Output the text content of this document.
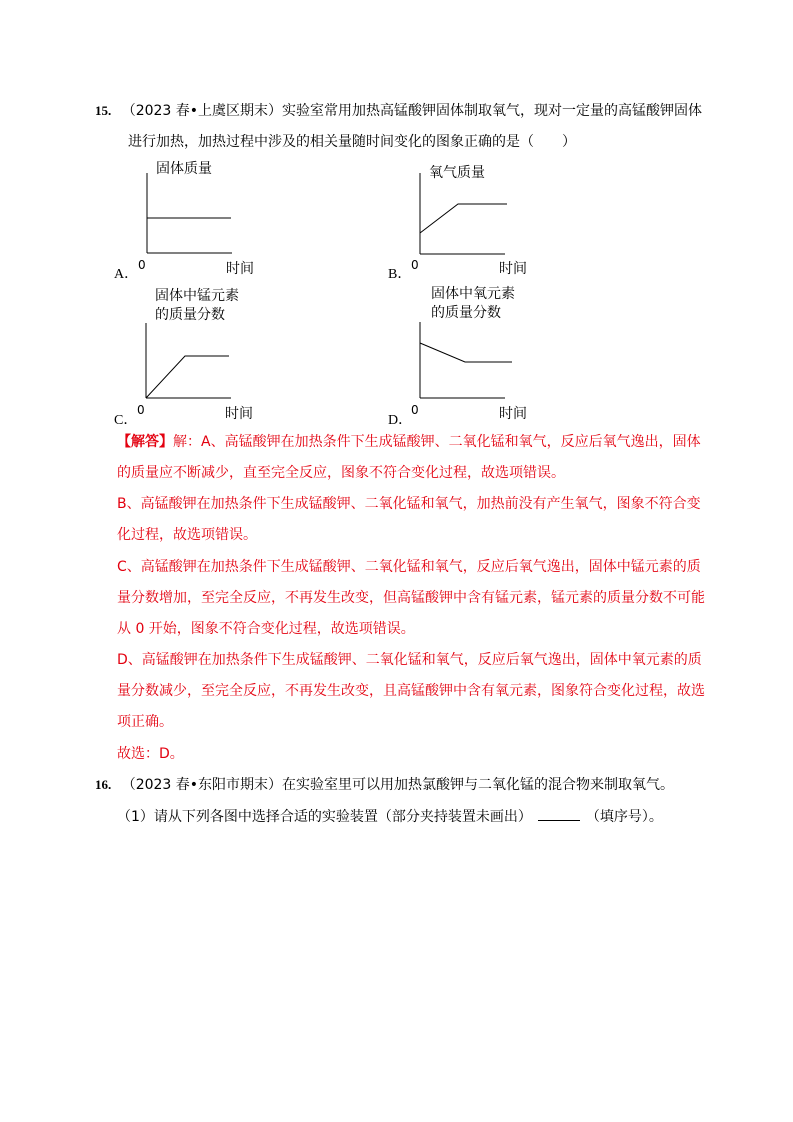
15. （2023 春•上虞区期末）实验室常用加热高锰酸钾固体制取氧气，现对一定量的高锰酸钾固体
进行加热，加热过程中涉及的相关量随时间变化的图象正确的是（　　）
A．
固体质量
0	时间	B．
氧气质量
0	时间
C．
固体中锰元素
的质量分数
0	时间	D．
固体中氧元素
的质量分数
0	时间
【解答】解：A、高锰酸钾在加热条件下生成锰酸钾、二氧化锰和氧气，反应后氧气逸出，固体
的质量应不断减少，直至完全反应，图象不符合变化过程，故选项错误。
B、高锰酸钾在加热条件下生成锰酸钾、二氧化锰和氧气，加热前没有产生氧气，图象不符合变
化过程，故选项错误。
C、高锰酸钾在加热条件下生成锰酸钾、二氧化锰和氧气，反应后氧气逸出，固体中锰元素的质
量分数增加，至完全反应，不再发生改变，但高锰酸钾中含有锰元素，锰元素的质量分数不可能
从 0 开始，图象不符合变化过程，故选项错误。
D、高锰酸钾在加热条件下生成锰酸钾、二氧化锰和氧气，反应后氧气逸出，固体中氧元素的质
量分数减少，至完全反应，不再发生改变，且高锰酸钾中含有氧元素，图象符合变化过程，故选
项正确。
故选：D。
16. （2023 春•东阳市期末）在实验室里可以用加热氯酸钾与二氧化锰的混合物来制取氧气。
（1）请从下列各图中选择合适的实验装置（部分夹持装置未画出）	（填序号）。
